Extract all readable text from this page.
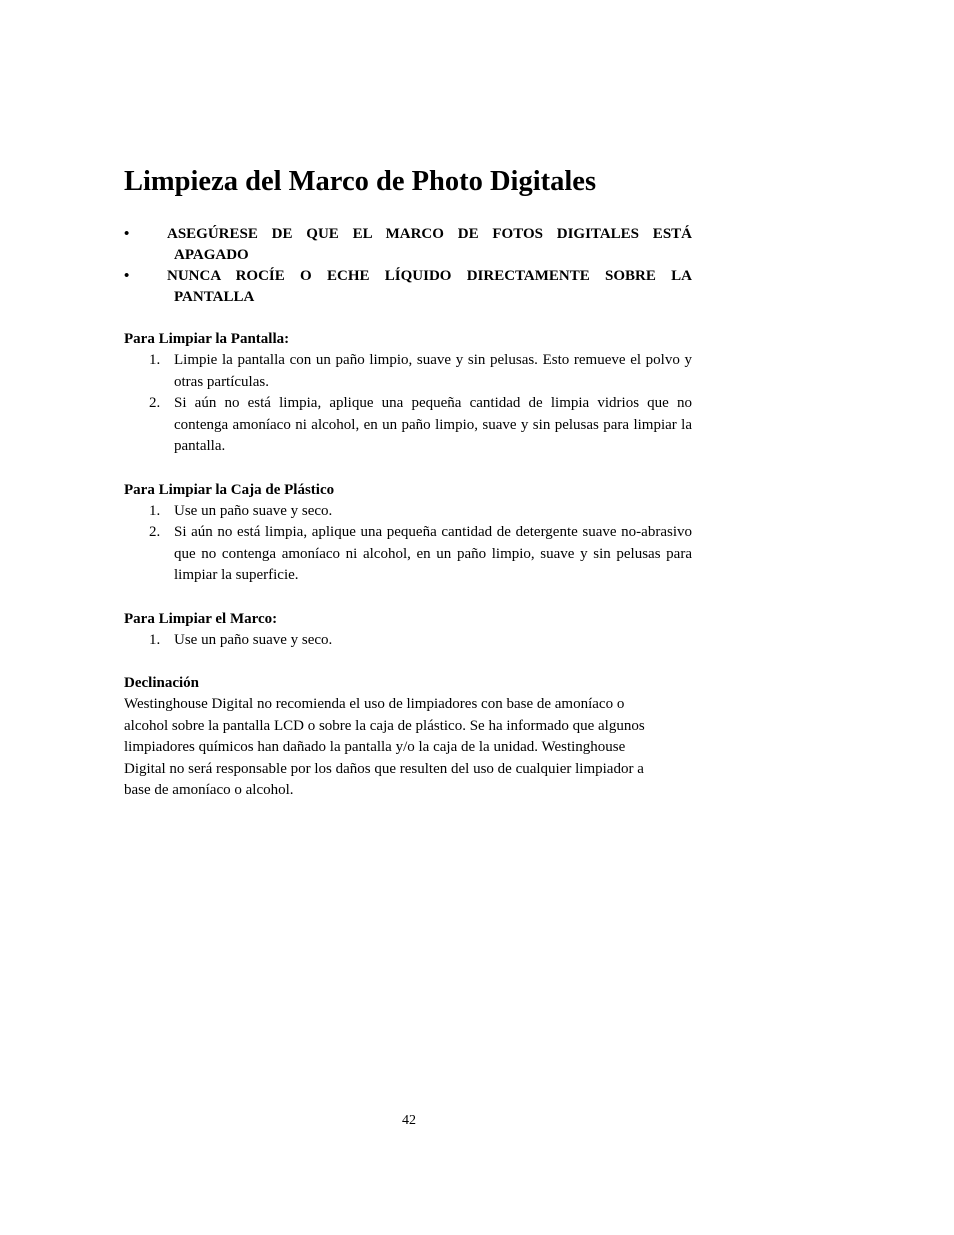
Limpieza del Marco de Photo Digitales
•	ASEGÚRESE DE QUE EL MARCO DE FOTOS DIGITALES ESTÁ
APAGADO
•	NUNCA ROCÍE O ECHE LÍQUIDO DIRECTAMENTE SOBRE LA
PANTALLA

Para Limpiar la Pantalla:

1. Limpie la pantalla con un paño limpio, suave y sin pelusas. Esto remueve el polvo y otras partículas.
2. Si aún no está limpia, aplique una pequeña cantidad de limpia vidrios que no contenga amoníaco ni alcohol, en un paño limpio, suave y sin pelusas para limpiar la pantalla.

Para Limpiar la Caja de Plástico

1. Use un paño suave y seco.
2. Si aún no está limpia, aplique una pequeña cantidad de detergente suave no-abrasivo que no contenga amoníaco ni alcohol, en un paño limpio, suave y sin pelusas para limpiar la superficie.

Para Limpiar el Marco:

1. Use un paño suave y seco.

Declinación

Westinghouse Digital no recomienda el uso de limpiadores con base de amoníaco o
alcohol sobre la pantalla LCD o sobre la caja de plástico. Se ha informado que algunos
limpiadores químicos han dañado la pantalla y/o la caja de la unidad. Westinghouse
Digital no será responsable por los daños que resulten del uso de cualquier limpiador a
base de amoníaco o alcohol.

42
